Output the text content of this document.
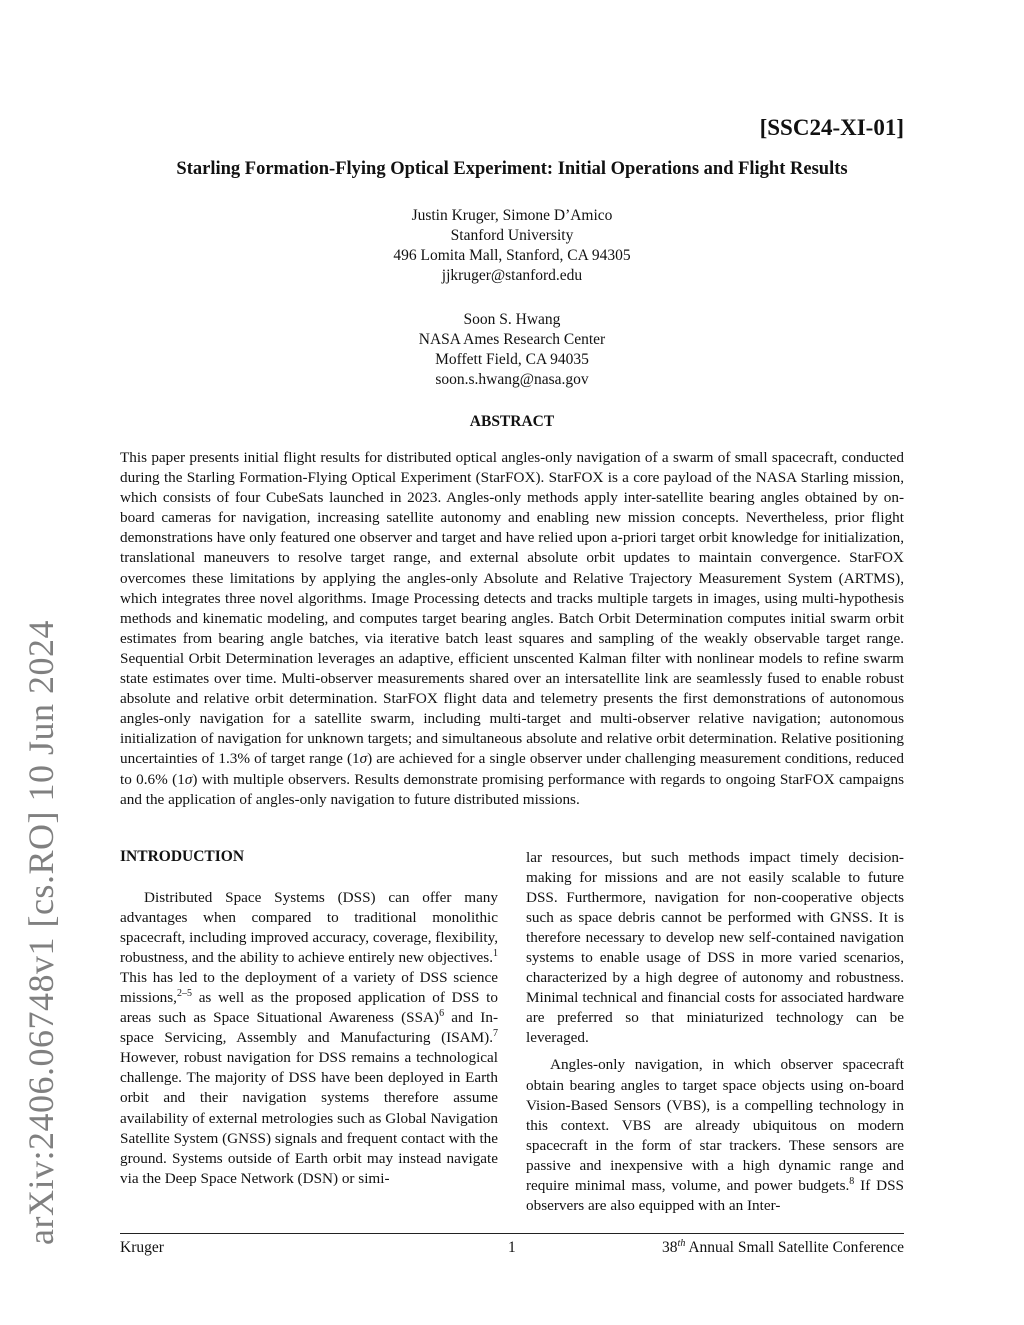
arXiv:2406.06748v1 [cs.RO] 10 Jun 2024
[SSC24-XI-01]
Starling Formation-Flying Optical Experiment: Initial Operations and Flight Results
Justin Kruger, Simone D’Amico
Stanford University
496 Lomita Mall, Stanford, CA 94305
jjkruger@stanford.edu
Soon S. Hwang
NASA Ames Research Center
Moffett Field, CA 94035
soon.s.hwang@nasa.gov
ABSTRACT
This paper presents initial flight results for distributed optical angles-only navigation of a swarm of small spacecraft, conducted during the Starling Formation-Flying Optical Experiment (StarFOX). StarFOX is a core payload of the NASA Starling mission, which consists of four CubeSats launched in 2023. Angles-only methods apply inter-satellite bearing angles obtained by on-board cameras for navigation, increasing satellite autonomy and enabling new mission concepts. Nevertheless, prior flight demonstrations have only featured one observer and target and have relied upon a-priori target orbit knowledge for initialization, translational maneuvers to resolve target range, and external absolute orbit updates to maintain convergence. StarFOX overcomes these limitations by applying the angles-only Absolute and Relative Trajectory Measurement System (ARTMS), which integrates three novel algorithms. Image Processing detects and tracks multiple targets in images, using multi-hypothesis methods and kinematic modeling, and computes target bearing angles. Batch Orbit Determination computes initial swarm orbit estimates from bearing angle batches, via iterative batch least squares and sampling of the weakly observable target range. Sequential Orbit Determination leverages an adaptive, efficient unscented Kalman filter with nonlinear models to refine swarm state estimates over time. Multi-observer measurements shared over an intersatellite link are seamlessly fused to enable robust absolute and relative orbit determination. StarFOX flight data and telemetry presents the first demonstrations of autonomous angles-only navigation for a satellite swarm, including multi-target and multi-observer relative navigation; autonomous initialization of navigation for unknown targets; and simultaneous absolute and relative orbit determination. Relative positioning uncertainties of 1.3% of target range (1σ) are achieved for a single observer under challenging measurement conditions, reduced to 0.6% (1σ) with multiple observers. Results demonstrate promising performance with regards to ongoing StarFOX campaigns and the application of angles-only navigation to future distributed missions.
INTRODUCTION

Distributed Space Systems (DSS) can offer many advantages when compared to traditional monolithic spacecraft, including improved accuracy, coverage, flexibility, robustness, and the ability to achieve entirely new objectives.$^1$ This has led to the deployment of a variety of DSS science missions,$^{2-5}$ as well as the proposed application of DSS to areas such as Space Situational Awareness (SSA)$^6$ and In-space Servicing, Assembly and Manufacturing (ISAM).$^7$ However, robust navigation for DSS remains a technological challenge. The majority of DSS have been deployed in Earth orbit and their navigation systems therefore assume availability of external metrologies such as Global Navigation Satellite System (GNSS) signals and frequent contact with the ground. Systems outside of Earth orbit may instead navigate via the Deep Space Network (DSN) or simi-

lar resources, but such methods impact timely decision-making for missions and are not easily scalable to future DSS. Furthermore, navigation for non-cooperative objects such as space debris cannot be performed with GNSS. It is therefore necessary to develop new self-contained navigation systems to enable usage of DSS in more varied scenarios, characterized by a high degree of autonomy and robustness. Minimal technical and financial costs for associated hardware are preferred so that miniaturized technology can be leveraged.

Angles-only navigation, in which observer spacecraft obtain bearing angles to target space objects using on-board Vision-Based Sensors (VBS), is a compelling technology in this context. VBS are already ubiquitous on modern spacecraft in the form of star trackers. These sensors are passive and inexpensive with a high dynamic range and require minimal mass, volume, and power budgets.$^8$ If DSS observers are also equipped with an Inter-

Kruger	1	38th Annual Small Satellite Conference
